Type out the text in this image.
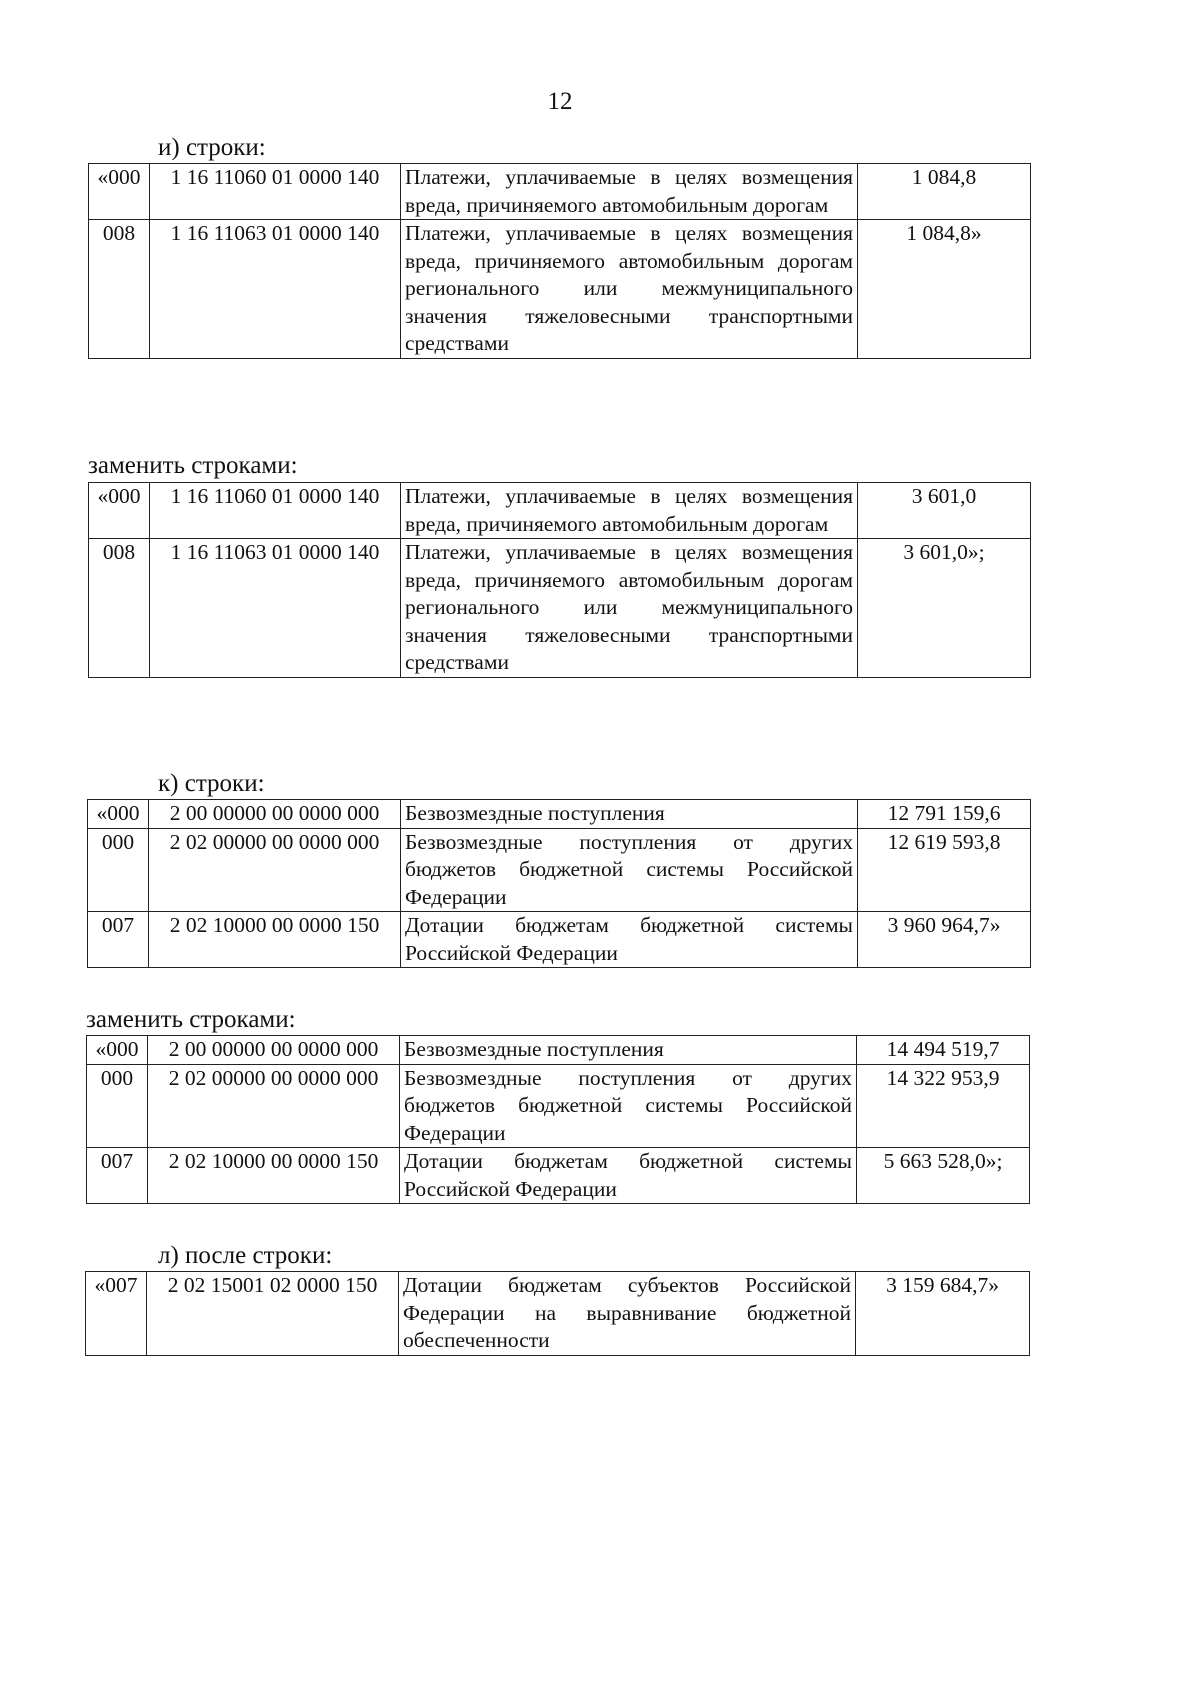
12
и) строки:
«000	1 16 11060 01 0000 140	Платежи, уплачиваемые в целях возмещения вреда, причиняемого автомобильным дорогам	1 084,8
008	1 16 11063 01 0000 140	Платежи, уплачиваемые в целях возмещения вреда, причиняемого автомобильным дорогам регионального или межмуниципального значения тяжеловесными транспортными средствами	1 084,8»
заменить строками:
«000	1 16 11060 01 0000 140	Платежи, уплачиваемые в целях возмещения вреда, причиняемого автомобильным дорогам	3 601,0
008	1 16 11063 01 0000 140	Платежи, уплачиваемые в целях возмещения вреда, причиняемого автомобильным дорогам регионального или межмуниципального значения тяжеловесными транспортными средствами	3 601,0»;
к) строки:
«000	2 00 00000 00 0000 000	Безвозмездные поступления	12 791 159,6
000	2 02 00000 00 0000 000	Безвозмездные поступления от других бюджетов бюджетной системы Российской Федерации	12 619 593,8
007	2 02 10000 00 0000 150	Дотации бюджетам бюджетной системы Российской Федерации	3 960 964,7»
заменить строками:
«000	2 00 00000 00 0000 000	Безвозмездные поступления	14 494 519,7
000	2 02 00000 00 0000 000	Безвозмездные поступления от других бюджетов бюджетной системы Российской Федерации	14 322 953,9
007	2 02 10000 00 0000 150	Дотации бюджетам бюджетной системы Российской Федерации	5 663 528,0»;
л) после строки:
«007	2 02 15001 02 0000 150	Дотации бюджетам субъектов Российской Федерации на выравнивание бюджетной обеспеченности	3 159 684,7»
